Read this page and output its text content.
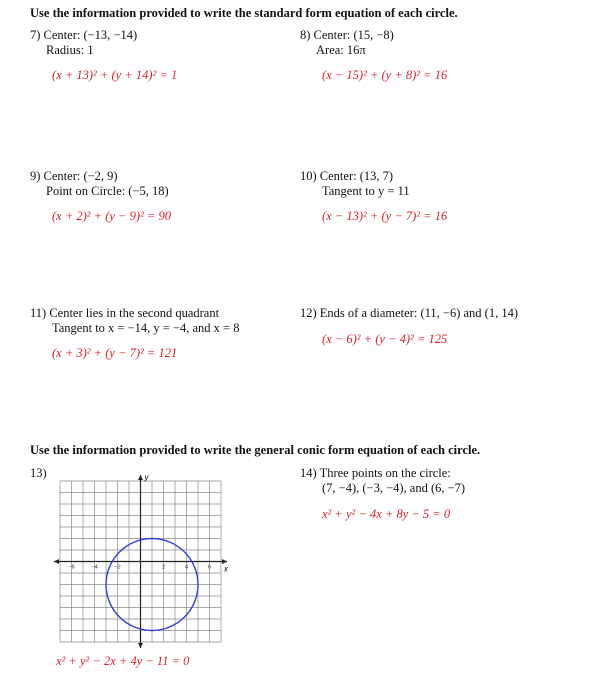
Use the information provided to write the standard form equation of each circle.
7) Center: (−13, −14)
Radius: 1
(x + 13)² + (y + 14)² = 1
8) Center: (15, −8)
Area: 16π
(x − 15)² + (y + 8)² = 16
9) Center: (−2, 9)
Point on Circle: (−5, 18)
(x + 2)² + (y − 9)² = 90
10) Center: (13, 7)
Tangent to y = 11
(x − 13)² + (y − 7)² = 16
11) Center lies in the second quadrant
Tangent to x = −14, y = −4, and x = 8
(x + 3)² + (y − 7)² = 121
12) Ends of a diameter: (11, −6) and (1, 14)
(x − 6)² + (y − 4)² = 125
Use the information provided to write the general conic form equation of each circle.
13)
−6	−4	−2	2	4	6 x
y
x² + y² − 2x + 4y − 11 = 0
14) Three points on the circle:
(7, −4), (−3, −4), and (6, −7)
x² + y² − 4x + 8y − 5 = 0
